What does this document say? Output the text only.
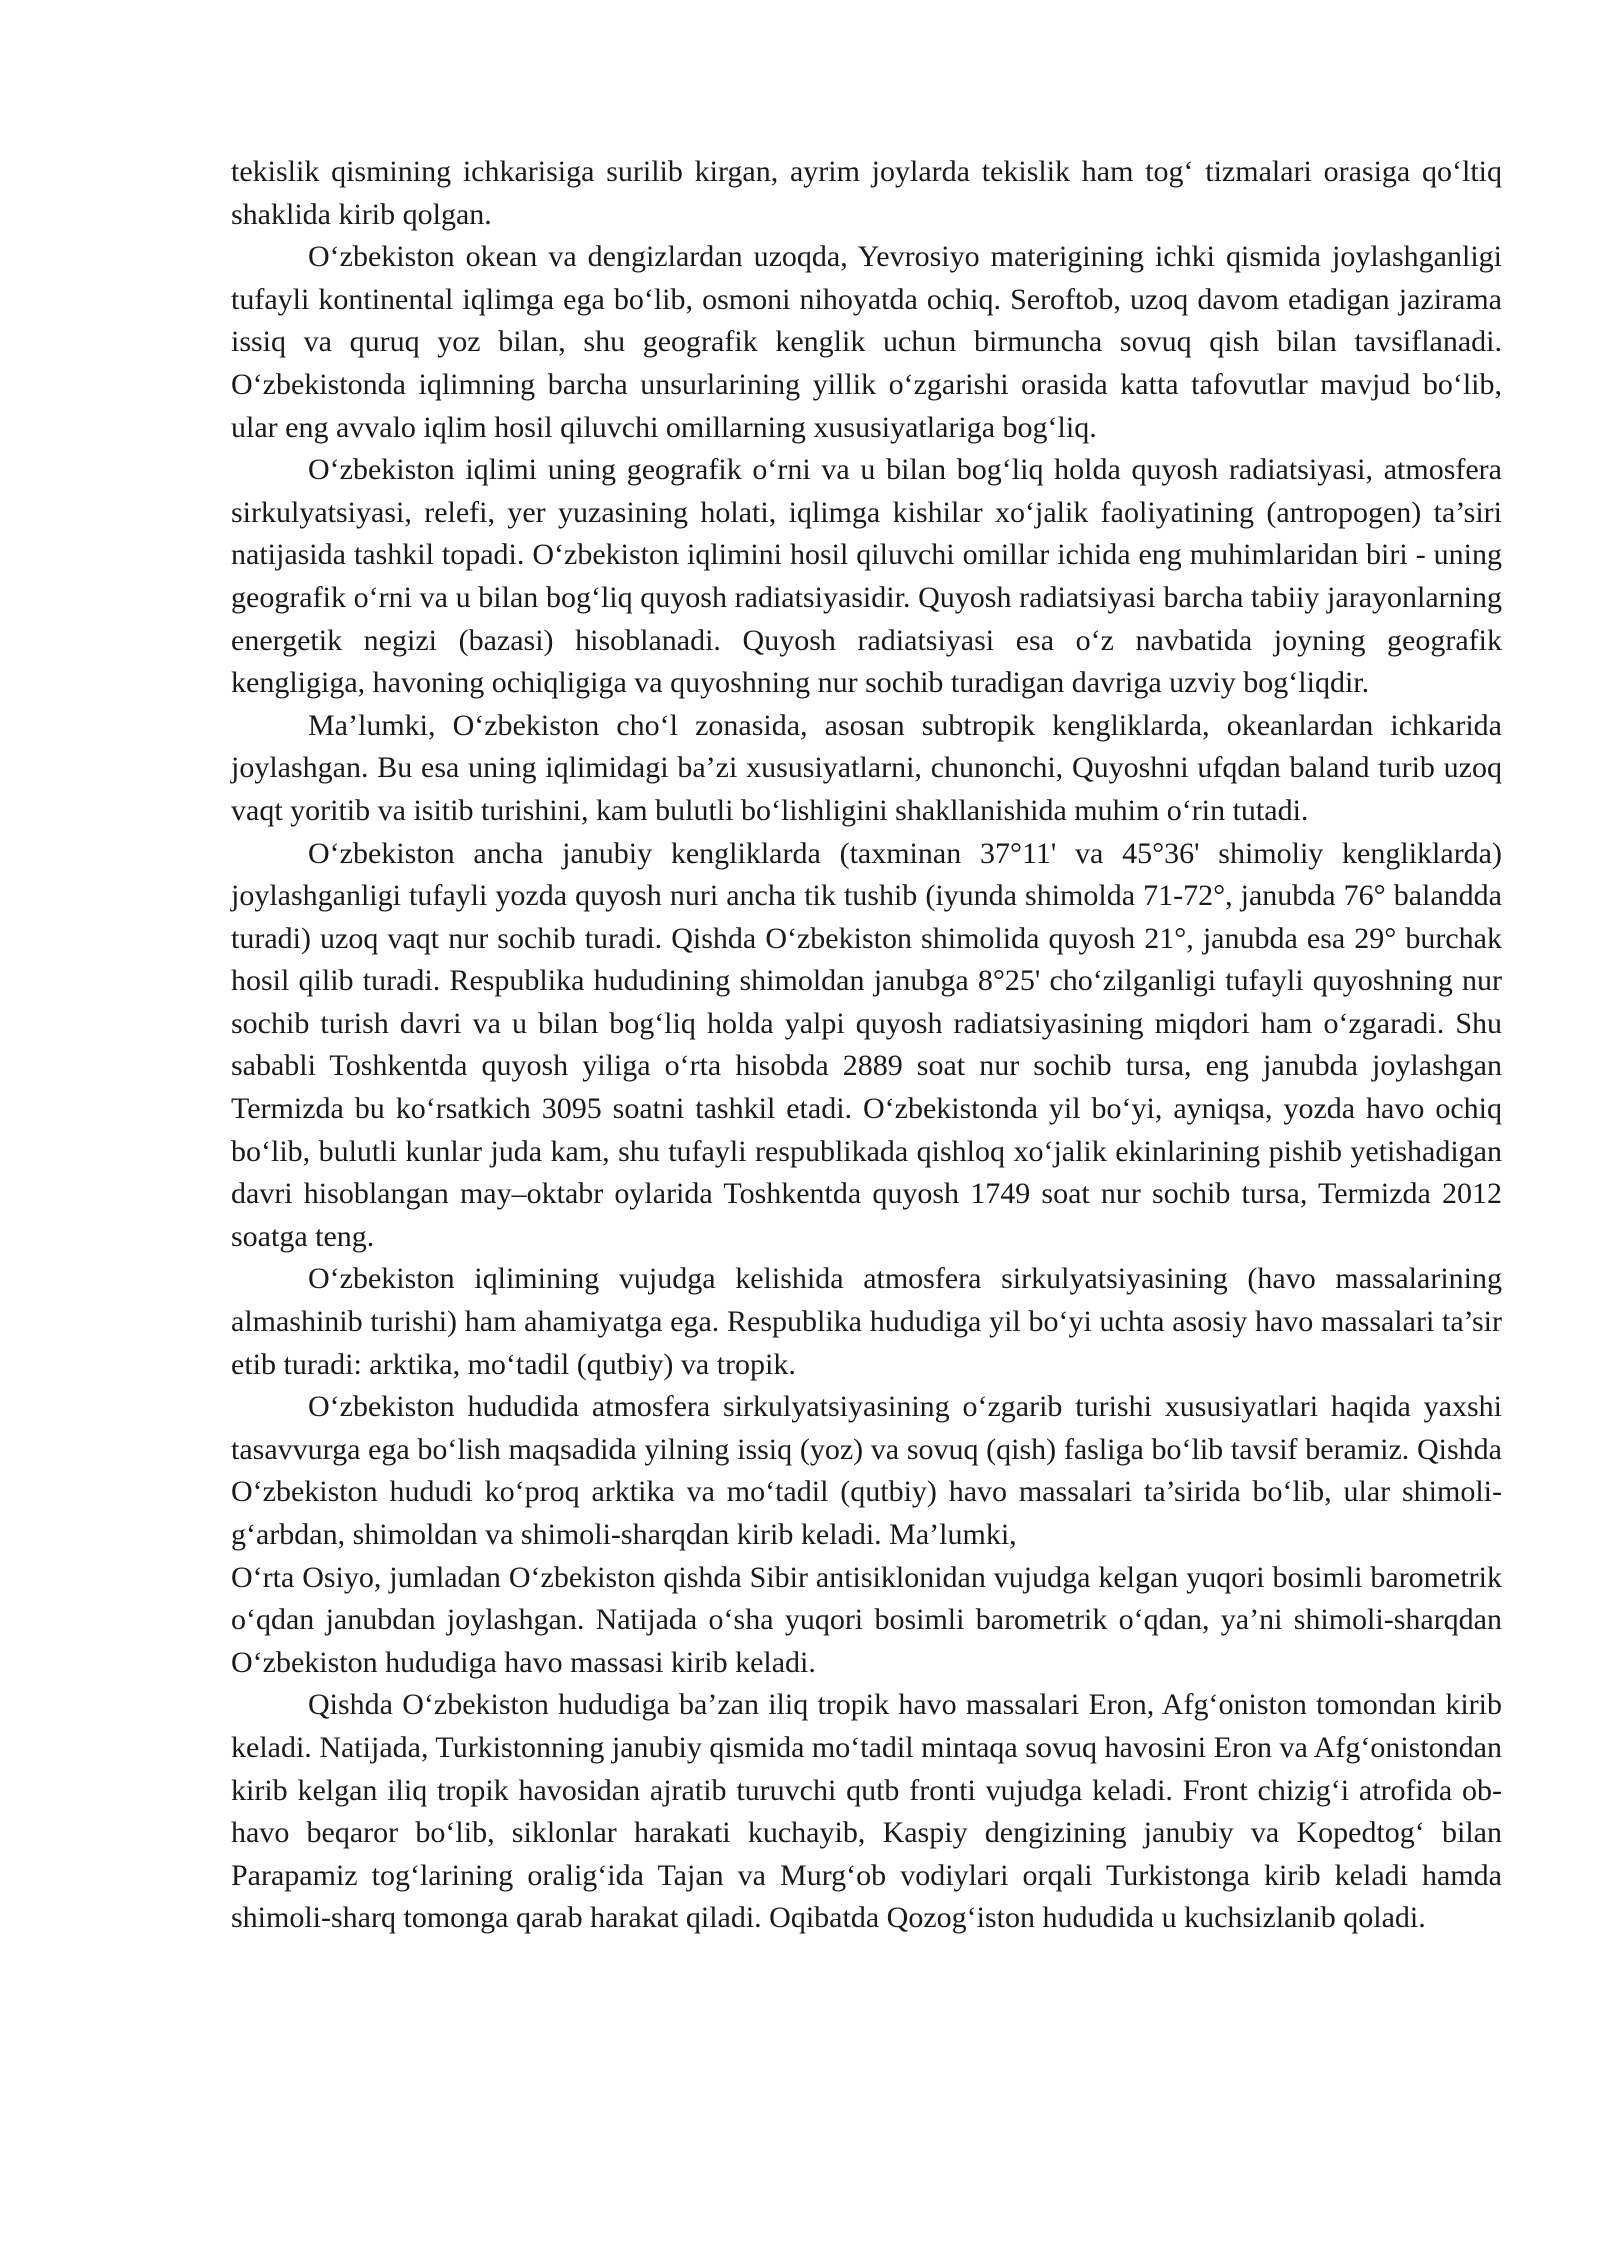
tekislik qismining ichkarisiga surilib kirgan, ayrim joylarda tekislik ham tog‘ tizmalari orasiga qo‘ltiq shaklida kirib qolgan.

O‘zbekiston okean va dengizlardan uzoqda, Yevrosiyo materigining ichki qismida joylashganligi tufayli kontinental iqlimga ega bo‘lib, osmoni nihoyatda ochiq. Seroftob, uzoq davom etadigan jazirama issiq va quruq yoz bilan, shu geografik kenglik uchun birmuncha sovuq qish bilan tavsiflanadi. O‘zbekistonda iqlimning barcha unsurlarining yillik o‘zgarishi orasida katta tafovutlar mavjud bo‘lib, ular eng avvalo iqlim hosil qiluvchi omillarning xususiyatlariga bog‘liq.

O‘zbekiston iqlimi uning geografik o‘rni va u bilan bog‘liq holda quyosh radiatsiyasi, atmosfera sirkulyatsiyasi, relefi, yer yuzasining holati, iqlimga kishilar xo‘jalik faoliyatining (antropogen) ta’siri natijasida tashkil topadi. O‘zbekiston iqlimini hosil qiluvchi omillar ichida eng muhimlaridan biri - uning geografik o‘rni va u bilan bog‘liq quyosh radiatsiyasidir. Quyosh radiatsiyasi barcha tabiiy jarayonlarning energetik negizi (bazasi) hisoblanadi. Quyosh radiatsiyasi esa o‘z navbatida joyning geografik kengligiga, havoning ochiqligiga va quyoshning nur sochib turadigan davriga uzviy bog‘liqdir.

Ma’lumki, O‘zbekiston cho‘l zonasida, asosan subtropik kengliklarda, okeanlardan ichkarida joylashgan. Bu esa uning iqlimidagi ba’zi xususiyatlarni, chunonchi, Quyoshni ufqdan baland turib uzoq vaqt yoritib va isitib turishini, kam bulutli bo‘lishligini shakllanishida muhim o‘rin tutadi.

O‘zbekiston ancha janubiy kengliklarda (taxminan 37°11' va 45°36' shimoliy kengliklarda) joylashganligi tufayli yozda quyosh nuri ancha tik tushib (iyunda shimolda 71-72°, janubda 76° balandda turadi) uzoq vaqt nur sochib turadi. Qishda O‘zbekiston shimolida quyosh 21°, janubda esa 29° burchak hosil qilib turadi. Respublika hududining shimoldan janubga 8°25' cho‘zilganligi tufayli quyoshning nur sochib turish davri va u bilan bog‘liq holda yalpi quyosh radiatsiyasining miqdori ham o‘zgaradi. Shu sababli Toshkentda quyosh yiliga o‘rta hisobda 2889 soat nur sochib tursa, eng janubda joylashgan Termizda bu ko‘rsatkich 3095 soatni tashkil etadi. O‘zbekistonda yil bo‘yi, ayniqsa, yozda havo ochiq bo‘lib, bulutli kunlar juda kam, shu tufayli respublikada qishloq xo‘jalik ekinlarining pishib yetishadigan davri hisoblangan may–oktabr oylarida Toshkentda quyosh 1749 soat nur sochib tursa, Termizda 2012 soatga teng.

O‘zbekiston iqlimining vujudga kelishida atmosfera sirkulyatsiyasining (havo massalarining almashinib turishi) ham ahamiyatga ega. Respublika hududiga yil bo‘yi uchta asosiy havo massalari ta’sir etib turadi: arktika, mo‘tadil (qutbiy) va tropik.

O‘zbekiston hududida atmosfera sirkulyatsiyasining o‘zgarib turishi xususiyatlari haqida yaxshi tasavvurga ega bo‘lish maqsadida yilning issiq (yoz) va sovuq (qish) fasliga bo‘lib tavsif beramiz. Qishda O‘zbekiston hududi ko‘proq arktika va mo‘tadil (qutbiy) havo massalari ta’sirida bo‘lib, ular shimoli-g‘arbdan, shimoldan va shimoli-sharqdan kirib keladi. Ma’lumki,

O‘rta Osiyo, jumladan O‘zbekiston qishda Sibir antisiklonidan vujudga kelgan yuqori bosimli barometrik o‘qdan janubdan joylashgan. Natijada o‘sha yuqori bosimli barometrik o‘qdan, ya’ni shimoli-sharqdan O‘zbekiston hududiga havo massasi kirib keladi.

Qishda O‘zbekiston hududiga ba’zan iliq tropik havo massalari Eron, Afg‘oniston tomondan kirib keladi. Natijada, Turkistonning janubiy qismida mo‘tadil mintaqa sovuq havosini Eron va Afg‘onistondan kirib kelgan iliq tropik havosidan ajratib turuvchi qutb fronti vujudga keladi. Front chizig‘i atrofida ob-havo beqaror bo‘lib, siklonlar harakati kuchayib, Kaspiy dengizining janubiy va Kopedtog‘ bilan Parapamiz tog‘larining oralig‘ida Tajan va Murg‘ob vodiylari orqali Turkistonga kirib keladi hamda shimoli-sharq tomonga qarab harakat qiladi. Oqibatda Qozog‘iston hududida u kuchsizlanib qoladi.
